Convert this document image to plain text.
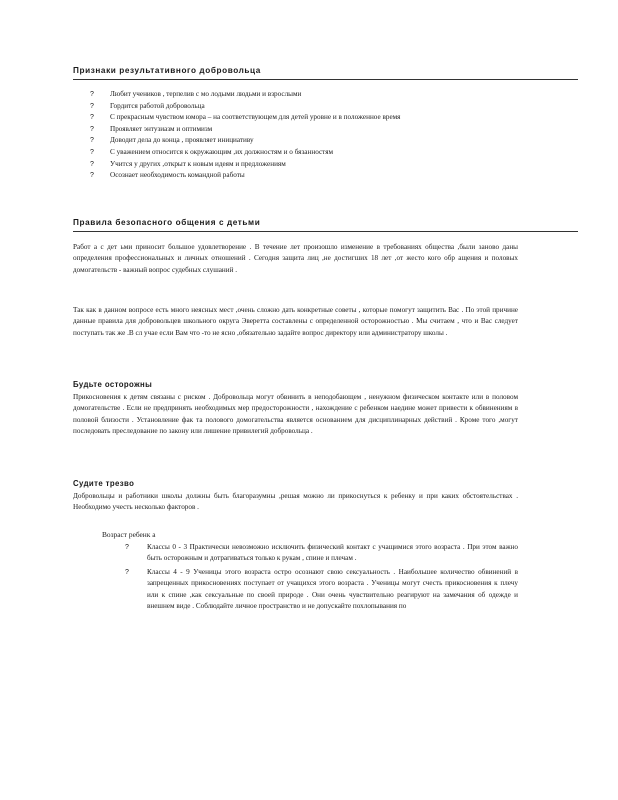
Признаки результативного добровольца
? Любит учеников , терпелив с мо лодыми людьми и взрослыми
? Гордится работой добровольца
? С прекрасным чувством юмора – на соответствующем для детей уровне и в положенное время
? Проявляет энтузиазм и оптимизм
? Доводит дела до конца , проявляет инициативу
? С уважением относится к окружающим ,их должностям и о бязанностям
? Учится у других ,открыт к новым идеям и предложениям
? Осознает необходимость командной работы
Правила безопасного общения с детьми

Работ а с дет ьми приносит большое удовлетворение . В течение лет произошло изменение в требованиях общества ,были заново даны определения профессиональных и личных отношений . Сегодня защита лиц ,не достигших 18 лет ,от жесто кого обр ащения и половых домогательств - важный вопрос судебных слушаний .

Так как в данном вопросе есть много неясных мест ,очень сложно дать конкретные советы , которые помогут защитить Вас . По этой причине данные правила для добровольцев школьного округа Эверетта составлены с определенной осторожностью . Мы считаем , что и Вас следует поступать так же .В сл учае если Вам что -то не ясно ,обязательно задайте вопрос директору или администратору школы .

Будьте осторожны

Прикосновения к детям связаны с риском . Добровольца могут обвинить в неподобающем , ненужном физическом контакте или в половом домогательстве . Если не предпринять необходимых мер предосторожности , нахождение с ребенком наедине может привести к обвинениям в половой близости . Установление фак та полового домогательства является основанием для дисциплинарных действий . Кроме того ,могут последовать преследование по закону или лишение привилегий добровольца .

Судите трезво

Добровольцы и работники школы должны быть благоразумны ,решая можно ли прикоснуться к ребенку и при каких обстоятельствах . Необходимо учесть несколько факторов .

Возраст ребенк а

?	Классы 0 - 3 Практически невозможно исключить физический контакт с учащимися этого возраста . При этом важно быть осторожным и дотрагиваться только к рукам , спине и плечам .
?	Классы 4 - 9 Ученицы этого возраста остро осознают свою сексуальность . Наибольшее количество обвинений в запрещенных прикосновениях поступает от учащихся этого возраста . Ученицы могут счесть прикосновения к плечу или к спине ,как сексуальные по своей природе . Они очень чувствительно реагируют на замечания об одежде и внешнем виде . Соблюдайте личное пространство и не допускайте похлопывания по
